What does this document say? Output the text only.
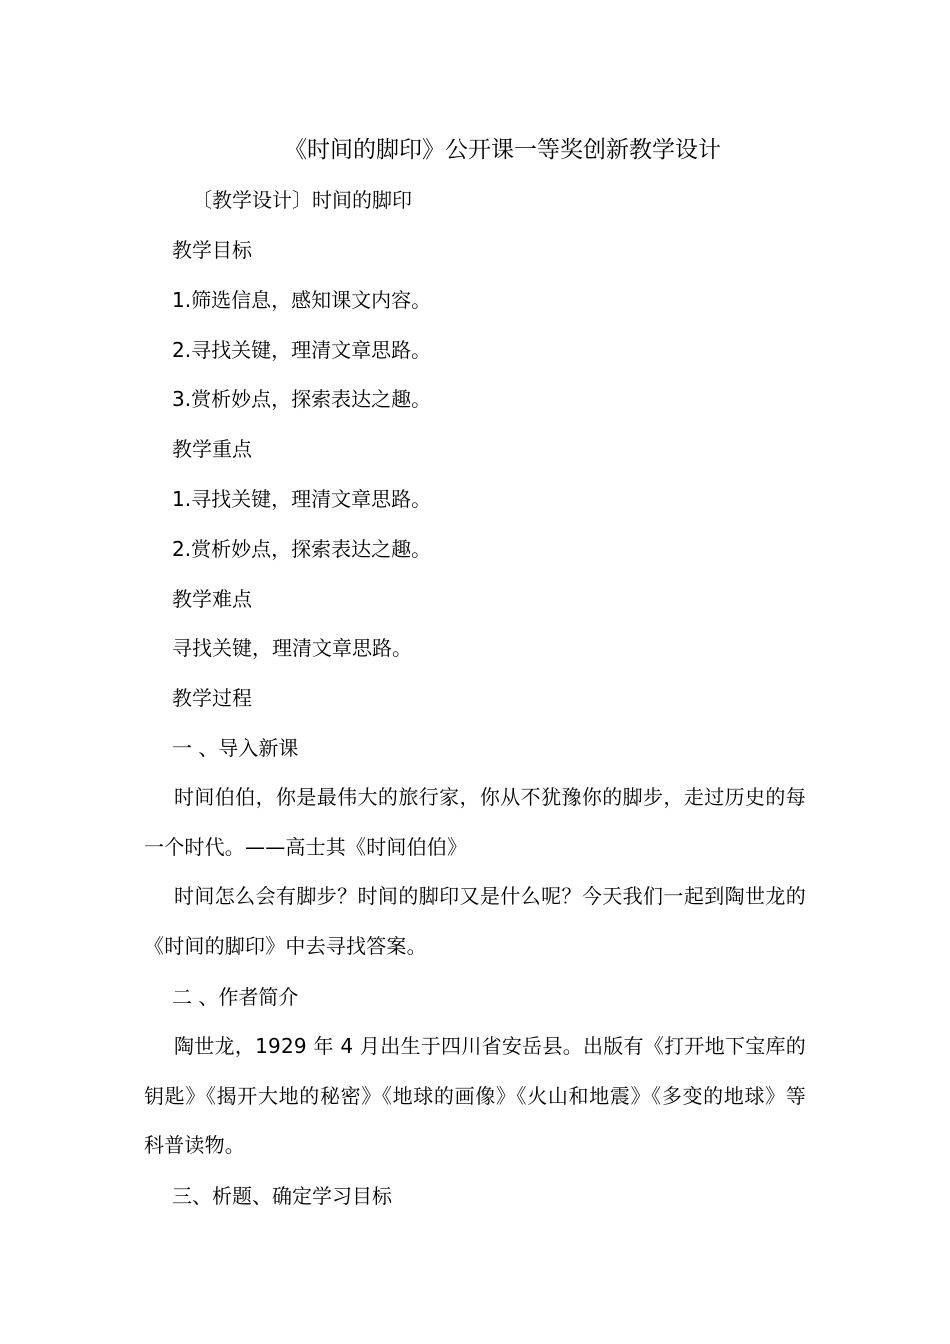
《时间的脚印》公开课一等奖创新教学设计
〔教学设计〕时间的脚印
教学目标
1.筛选信息，感知课文内容。
2.寻找关键，理清文章思路。
3.赏析妙点，探索表达之趣。
教学重点
1.寻找关键，理清文章思路。
2.赏析妙点，探索表达之趣。
教学难点
寻找关键，理清文章思路。
教学过程
一 、导入新课
时间伯伯，你是最伟大的旅行家，你从不犹豫你的脚步，走过历史的每一个时代。——高士其《时间伯伯》
时间怎么会有脚步？时间的脚印又是什么呢？今天我们一起到陶世龙的《时间的脚印》中去寻找答案。
二 、作者简介
陶世龙，1929 年 4 月出生于四川省安岳县。出版有《打开地下宝库的钥匙》《揭开大地的秘密》《地球的画像》《火山和地震》《多变的地球》等科普读物。
三、析题、确定学习目标
